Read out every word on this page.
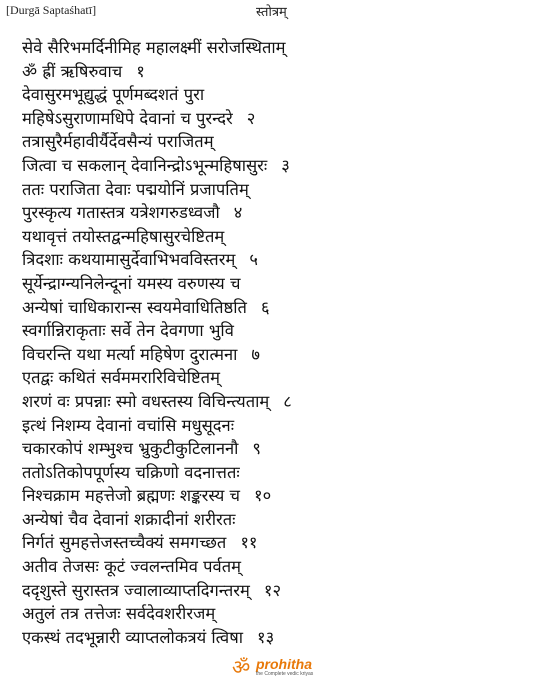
[Durgā Saptaśhatī]	स्तोत्रम्
सेवे सैरिभमर्दिनीमिह महालक्ष्मीं सरोजस्थिताम्
ॐ ह्रीं ऋषिरुवाच १
देवासुरमभूद्युद्धं पूर्णमब्दशतं पुरा
महिषेऽसुराणामधिपे देवानां च पुरन्दरे २
तत्रासुरैर्महावीर्यैर्देवसैन्यं पराजितम्
जित्वा च सकलान् देवानिन्द्रोऽभून्महिषासुरः ३
ततः पराजिता देवाः पद्मयोनिं प्रजापतिम्
पुरस्कृत्य गतास्तत्र यत्रेशगरुडध्वजौ ४
यथावृत्तं तयोस्तद्वन्महिषासुरचेष्टितम्
त्रिदशाः कथयामासुर्देवाभिभवविस्तरम् ५
सूर्येन्द्राग्न्यनिलेन्दूनां यमस्य वरुणस्य च
अन्येषां चाधिकारान्स स्वयमेवाधितिष्ठति ६
स्वर्गान्निराकृताः सर्वे तेन देवगणा भुवि
विचरन्ति यथा मर्त्या महिषेण दुरात्मना ७
एतद्वः कथितं सर्वममरारिविचेष्टितम्
शरणं वः प्रपन्नाः स्मो वधस्तस्य विचिन्त्यताम् ८
इत्थं निशम्य देवानां वचांसि मधुसूदनः
चकारकोपं शम्भुश्च भ्रुकुटीकुटिलाननौ ९
ततोऽतिकोपपूर्णस्य चक्रिणो वदनात्ततः
निश्चक्राम महत्तेजो ब्रह्मणः शङ्करस्य च १०
अन्येषां चैव देवानां शक्रादीनां शरीरतः
निर्गतं सुमहत्तेजस्तच्चैक्यं समगच्छत ११
अतीव तेजसः कूटं ज्वलन्तमिव पर्वतम्
ददृशुस्ते सुरास्तत्र ज्वालाव्याप्तदिगन्तरम् १२
अतुलं तत्र तत्तेजः सर्वदेवशरीरजम्
एकस्थं तदभून्नारी व्याप्तलोकत्रयं त्विषा १३
ॐ prohitha
the Complete vedic kriyas
